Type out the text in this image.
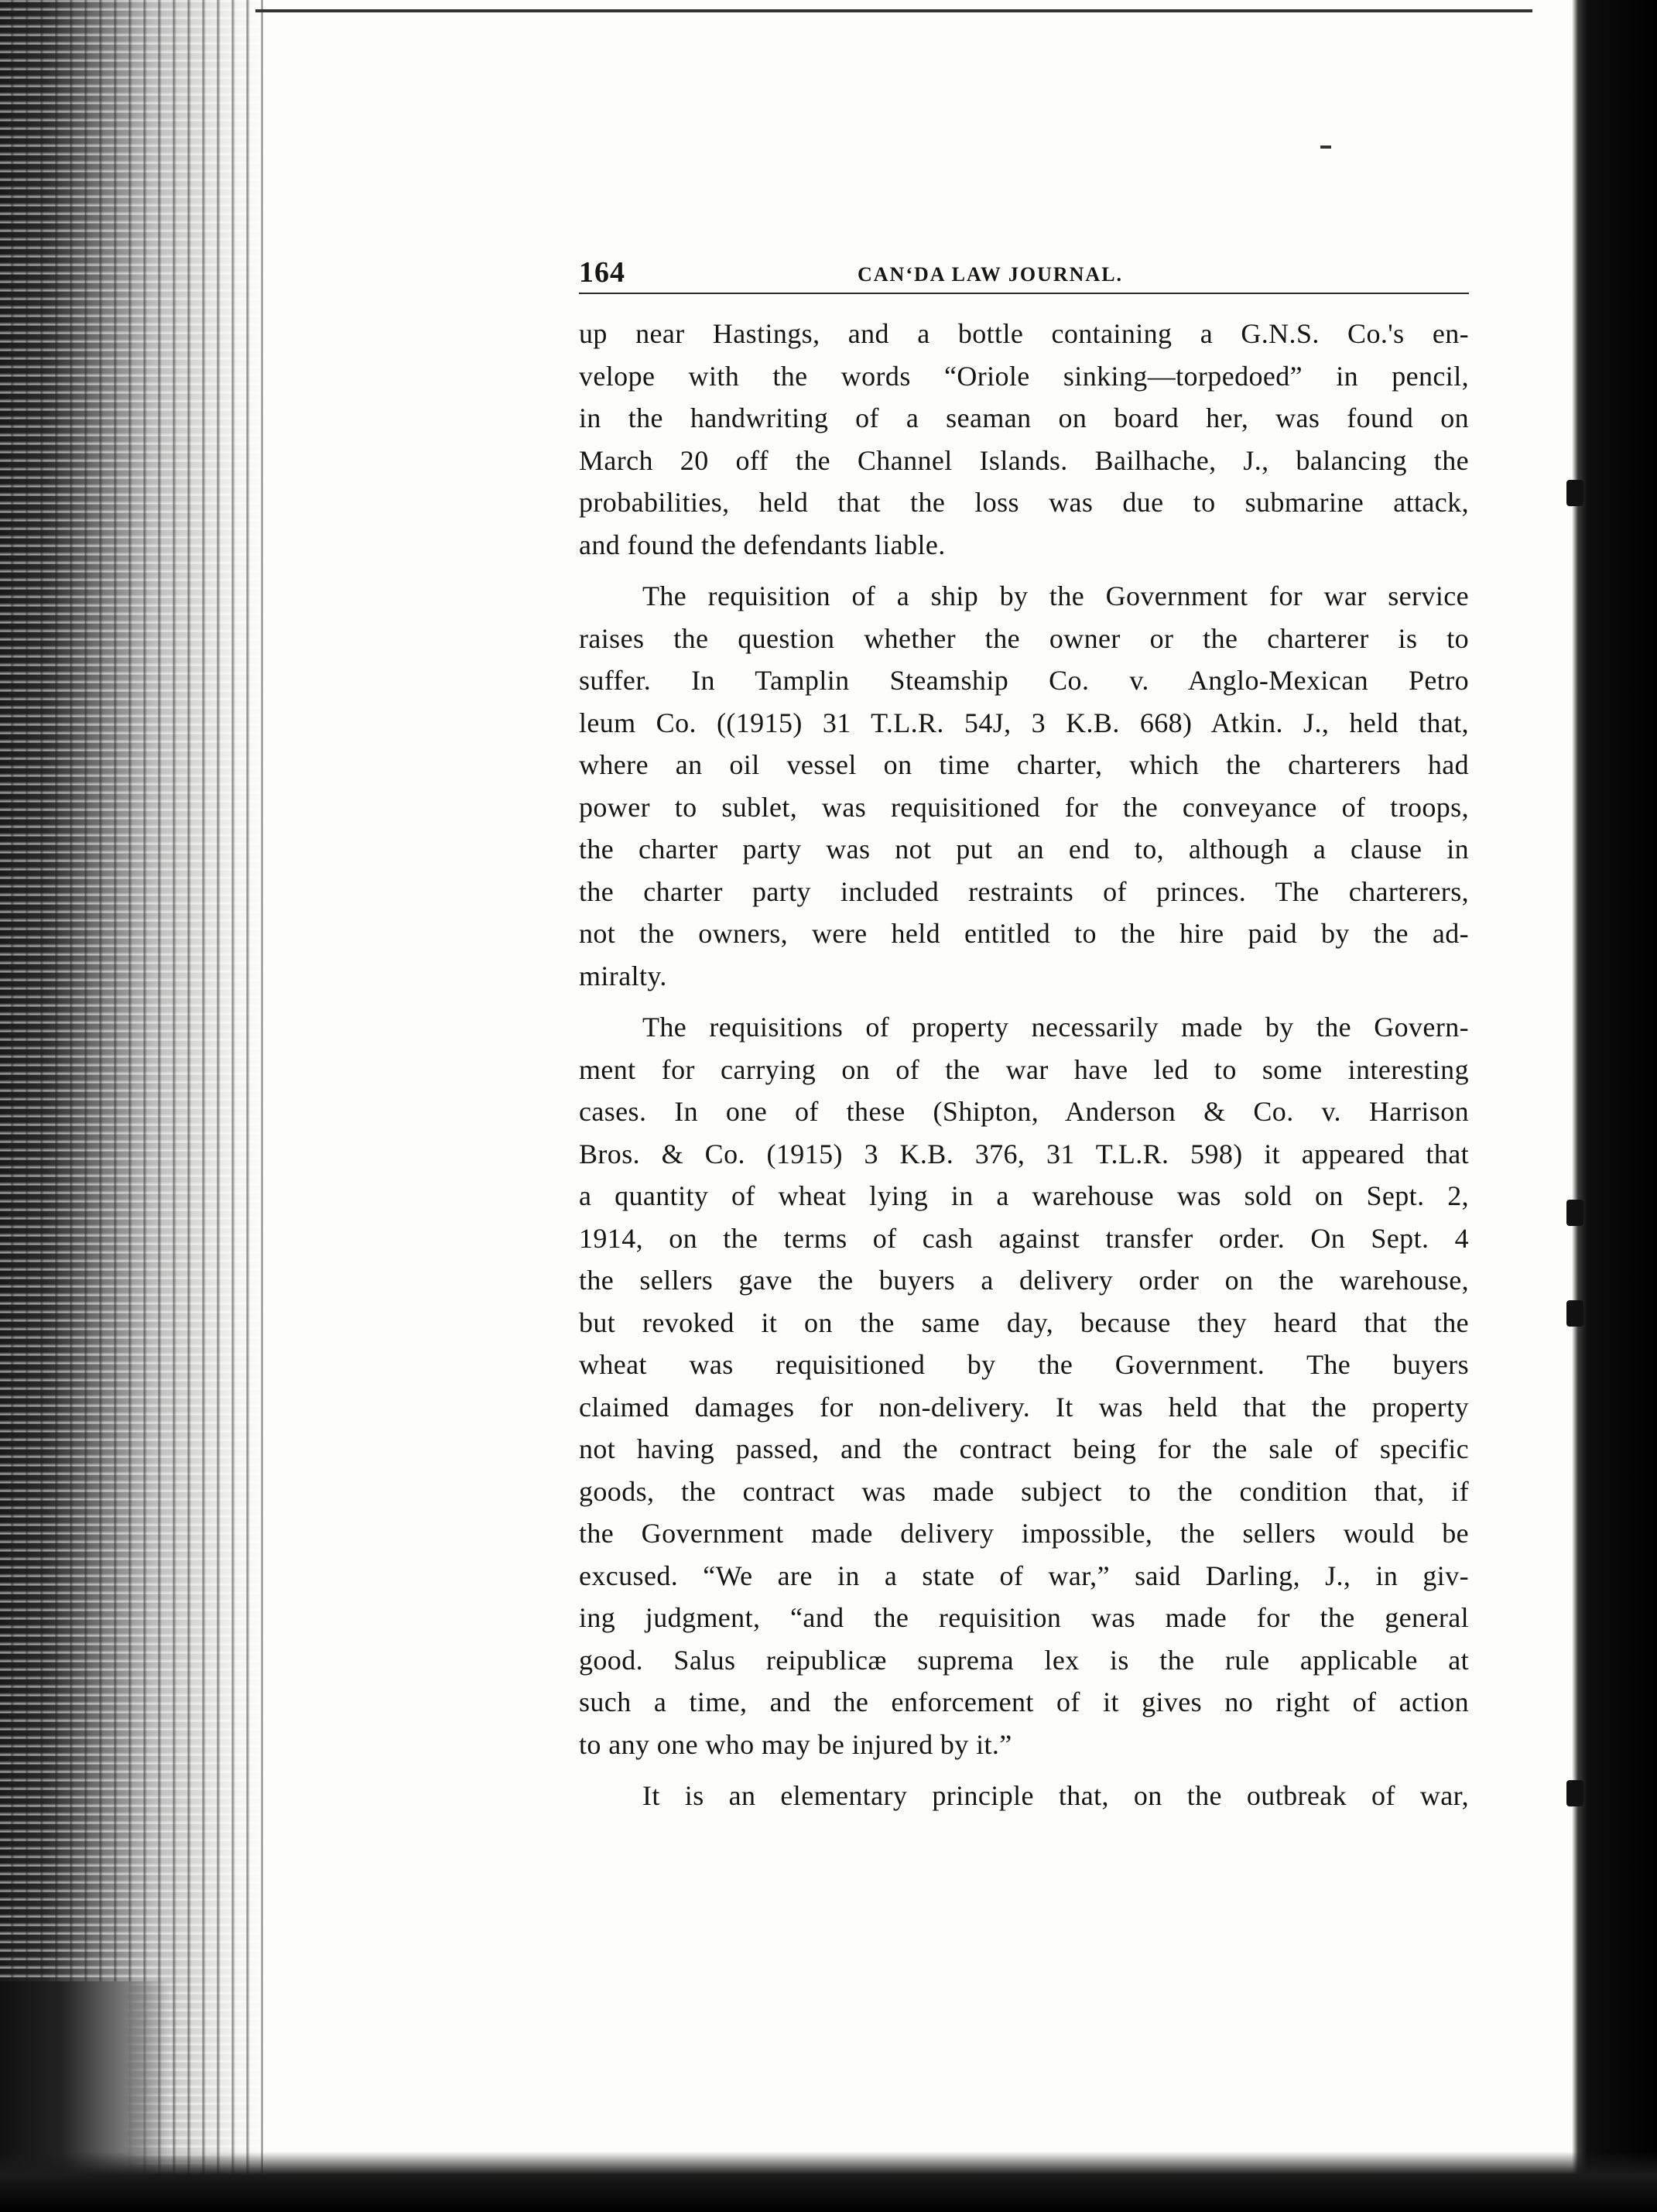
164	CANʻDA LAW JOURNAL.
up near Hastings, and a bottle containing a G.N.S. Co.'s en-
velope with the words “Oriole sinking—torpedoed” in pencil,
in the handwriting of a seaman on board her, was found on
March 20 off the Channel Islands. Bailhache, J., balancing the
probabilities, held that the loss was due to submarine attack,
and found the defendants liable.
The requisition of a ship by the Government for war service
raises the question whether the owner or the charterer is to
suffer. In Tamplin Steamship Co. v. Anglo-Mexican Petro
leum Co. ((1915) 31 T.L.R. 54J, 3 K.B. 668) Atkin. J., held that,
where an oil vessel on time charter, which the charterers had
power to sublet, was requisitioned for the conveyance of troops,
the charter party was not put an end to, although a clause in
the charter party included restraints of princes. The charterers,
not the owners, were held entitled to the hire paid by the ad-
miralty.
The requisitions of property necessarily made by the Govern-
ment for carrying on of the war have led to some interesting
cases. In one of these (Shipton, Anderson & Co. v. Harrison
Bros. & Co. (1915) 3 K.B. 376, 31 T.L.R. 598) it appeared that
a quantity of wheat lying in a warehouse was sold on Sept. 2,
1914, on the terms of cash against transfer order. On Sept. 4
the sellers gave the buyers a delivery order on the warehouse,
but revoked it on the same day, because they heard that the
wheat was requisitioned by the Government. The buyers
claimed damages for non-delivery. It was held that the property
not having passed, and the contract being for the sale of specific
goods, the contract was made subject to the condition that, if
the Government made delivery impossible, the sellers would be
excused. “We are in a state of war,” said Darling, J., in giv-
ing judgment, “and the requisition was made for the general
good. Salus reipublicæ suprema lex is the rule applicable at
such a time, and the enforcement of it gives no right of action
to any one who may be injured by it.”
It is an elementary principle that, on the outbreak of war,
